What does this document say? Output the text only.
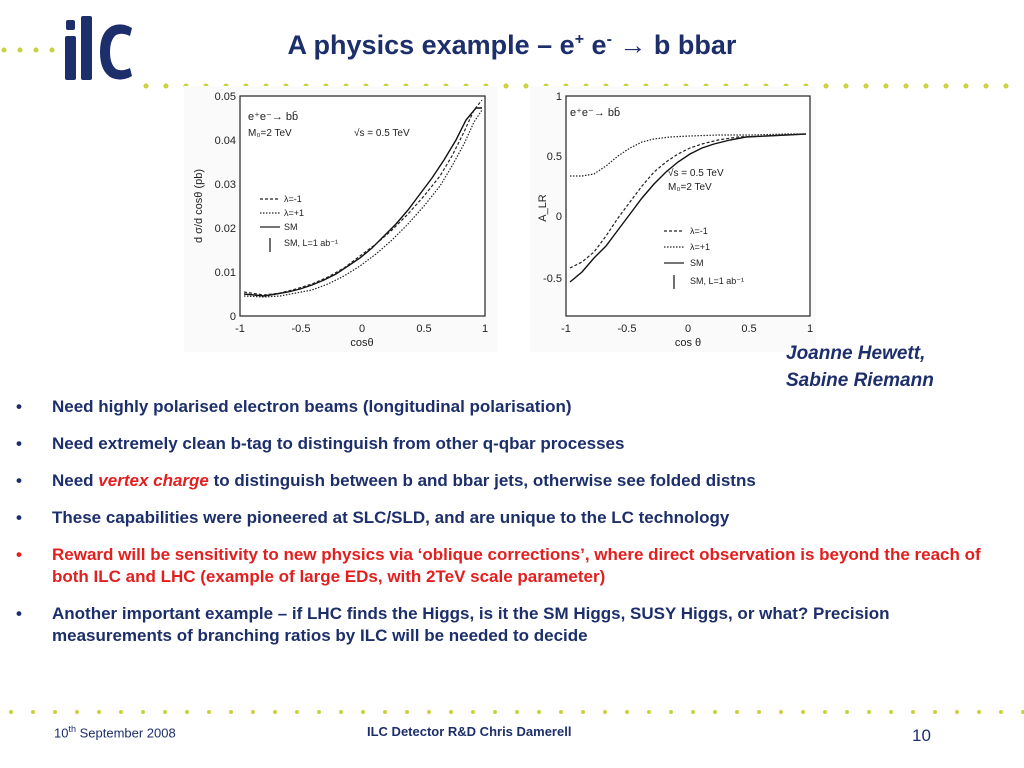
A physics example – e+ e- → b bbar
0.05
0.04
0.03
0.02
0.01
0
-1	-0.5	0	0.5	1
cosθ
d σ/d cosθ (pb)
e⁺e⁻→ bb̄
M₀=2 TeV	√s = 0.5 TeV
λ=-1
λ=+1
SM
SM, L=1 ab⁻¹
1
0.5
0
-0.5
-1	-0.5	0	0.5	1
cos θ
A_LR
e⁺e⁻→ bb̄
√s = 0.5 TeV
M₀=2 TeV
λ=-1
λ=+1
SM
SM, L=1 ab⁻¹
Joanne Hewett,
Sabine Riemann
• Need highly polarised electron beams (longitudinal polarisation)
• Need extremely clean b-tag to distinguish from other q-qbar processes
• Need vertex charge to distinguish between b and bbar jets, otherwise see folded distns
• These capabilities were pioneered at SLC/SLD, and are unique to the LC technology
• Reward will be sensitivity to new physics via ‘oblique corrections’, where direct observation is beyond the reach of both ILC and LHC (example of large EDs, with 2TeV scale parameter)
• Another important example – if LHC finds the Higgs, is it the SM Higgs, SUSY Higgs, or what? Precision measurements of branching ratios by ILC will be needed to decide
10th September 2008	ILC Detector R&D Chris Damerell	10
